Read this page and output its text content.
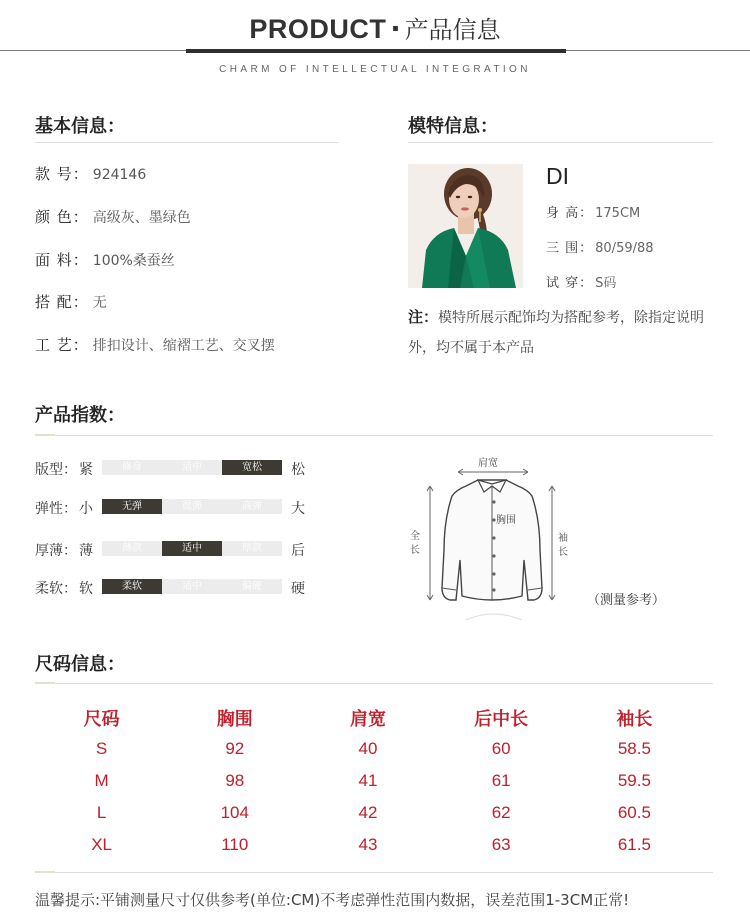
PRODUCT · 产品信息
CHARM OF INTELLECTUAL INTEGRATION
基本信息：
款 号： 924146
颜 色： 高级灰、墨绿色
面 料： 100%桑蚕丝
搭 配： 无
工 艺： 排扣设计、缩褶工艺、交叉摆
模特信息：
DI
身 高： 175CM
三 围： 80/59/88
试 穿： S码
注：模特所展示配饰均为搭配参考，除指定说明外，均不属于本产品
产品指数：
版型： 紧	修身	适中	宽松	松
弹性： 小	无弹	微弹	高弹	大
厚薄： 薄	薄款	适中	厚款	后
柔软： 软	柔软	适中	偏硬	硬
肩宽
胸围
全长
袖长
（测量参考）
尺码信息：
尺码	胸围	肩宽	后中长	袖长
S	92	40	60	58.5
M	98	41	61	59.5
L	104	42	62	60.5
XL	110	43	63	61.5
温馨提示:平铺测量尺寸仅供参考(单位:CM)不考虑弹性范围内数据，误差范围1-3CM正常!
